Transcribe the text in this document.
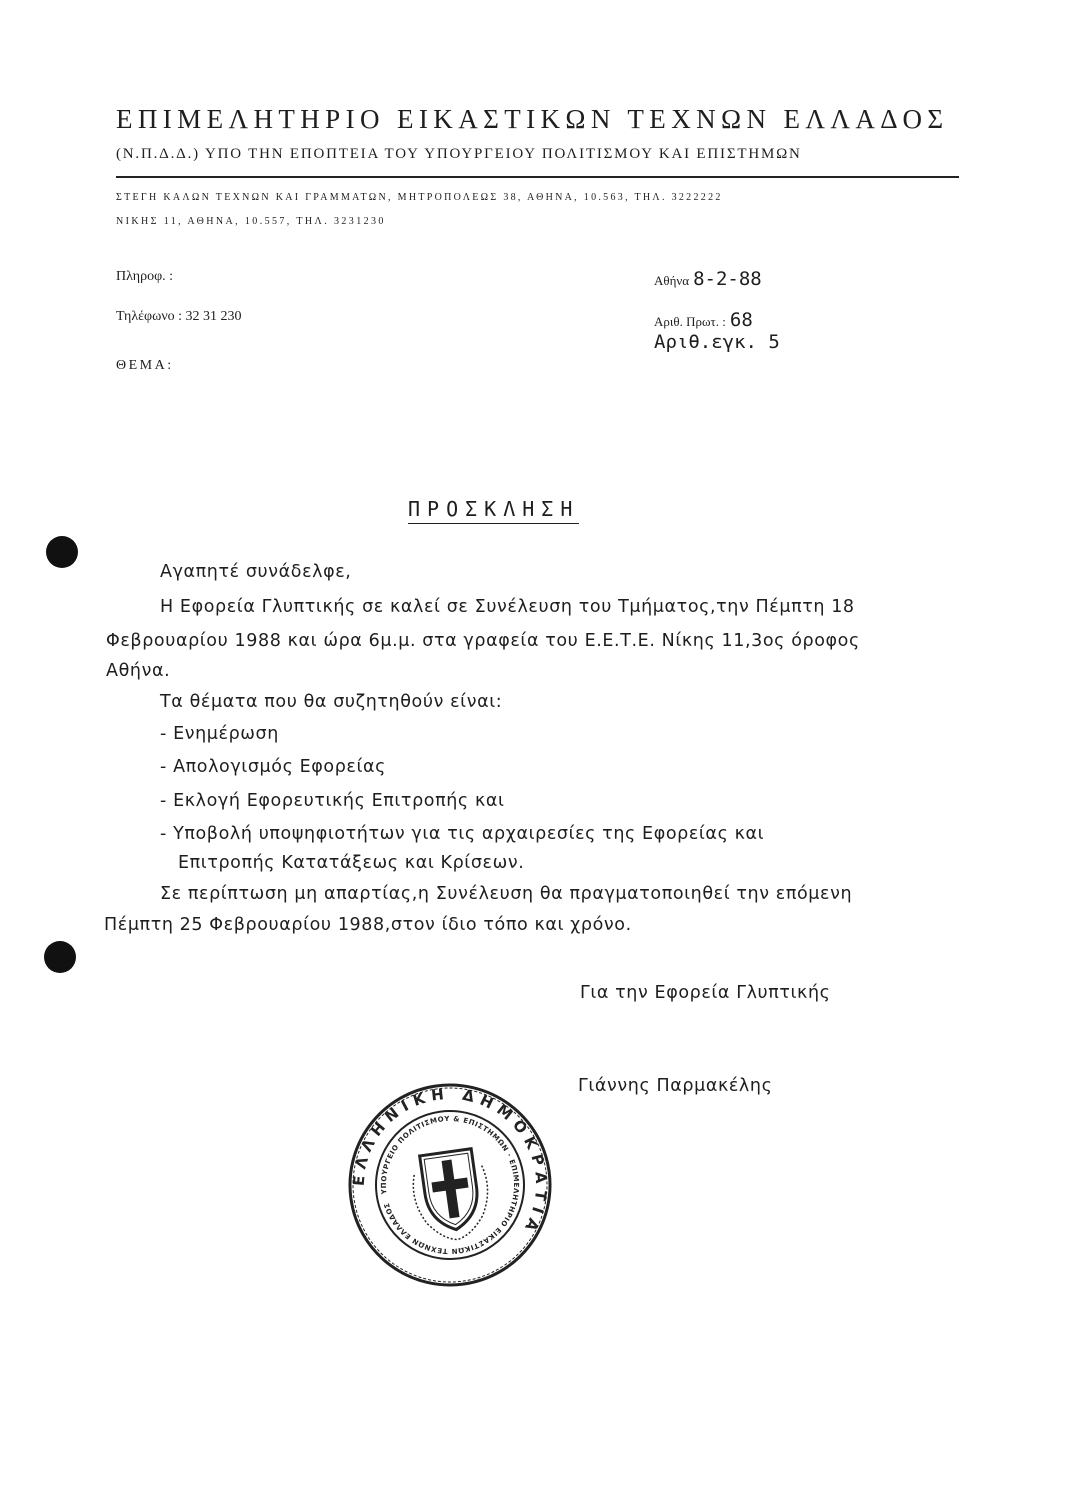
ΕΠΙΜΕΛΗΤΗΡΙΟ ΕΙΚΑΣΤΙΚΩΝ ΤΕΧΝΩΝ ΕΛΛΑΔΟΣ
(Ν.Π.Δ.Δ.) ΥΠΟ ΤΗΝ ΕΠΟΠΤΕΙΑ ΤΟΥ ΥΠΟΥΡΓΕΙΟΥ ΠΟΛΙΤΙΣΜΟΥ ΚΑΙ ΕΠΙΣΤΗΜΩΝ
ΣΤΕΓΗ ΚΑΛΩΝ ΤΕΧΝΩΝ ΚΑΙ ΓΡΑΜΜΑΤΩΝ, ΜΗΤΡΟΠΟΛΕΩΣ 38, ΑΘΗΝΑ, 10.563, ΤΗΛ. 3222222
ΝΙΚΗΣ 11, ΑΘΗΝΑ, 10.557, ΤΗΛ. 3231230
Πληροφ. :
Τηλέφωνο : 32 31 230
ΘΕΜΑ:
Αθήνα 8-2-88
Αριθ. Πρωτ. : 68
Αριθ.εγκ. 5
ΠΡΟΣΚΛΗΣΗ
Αγαπητέ συνάδελφε,
Η Εφορεία Γλυπτικής σε καλεί σε Συνέλευση του Τμήματος,την Πέμπτη 18
Φεβρουαρίου 1988 και ώρα 6μ.μ. στα γραφεία του Ε.Ε.Τ.Ε. Νίκης 11,3ος όροφος
Αθήνα.
Τα θέματα που θα συζητηθούν είναι:
- Ενημέρωση
- Απολογισμός Εφορείας
- Εκλογή Εφορευτικής Επιτροπής και
- Υποβολή υποψηφιοτήτων για τις αρχαιρεσίες της Εφορείας και
Επιτροπής Κατατάξεως και Κρίσεων.
Σε περίπτωση μη απαρτίας,η Συνέλευση θα πραγματοποιηθεί την επόμενη
Πέμπτη 25 Φεβρουαρίου 1988,στον ίδιο τόπο και χρόνο.
Για την Εφορεία Γλυπτικής
Γιάννης Παρμακέλης
ΕΛΛΗΝΙΚΗ ΔΗΜΟΚΡΑΤΙΑ
ΥΠΟΥΡΓΕΙΟ ΠΟΛΙΤΙΣΜΟΥ & ΕΠΙΣΤΗΜΩΝ · ΕΠΙΜΕΛΗΤΗΡΙΟ ΕΙΚΑΣΤΙΚΩΝ ΤΕΧΝΩΝ ΕΛΛΑΔΟΣ
